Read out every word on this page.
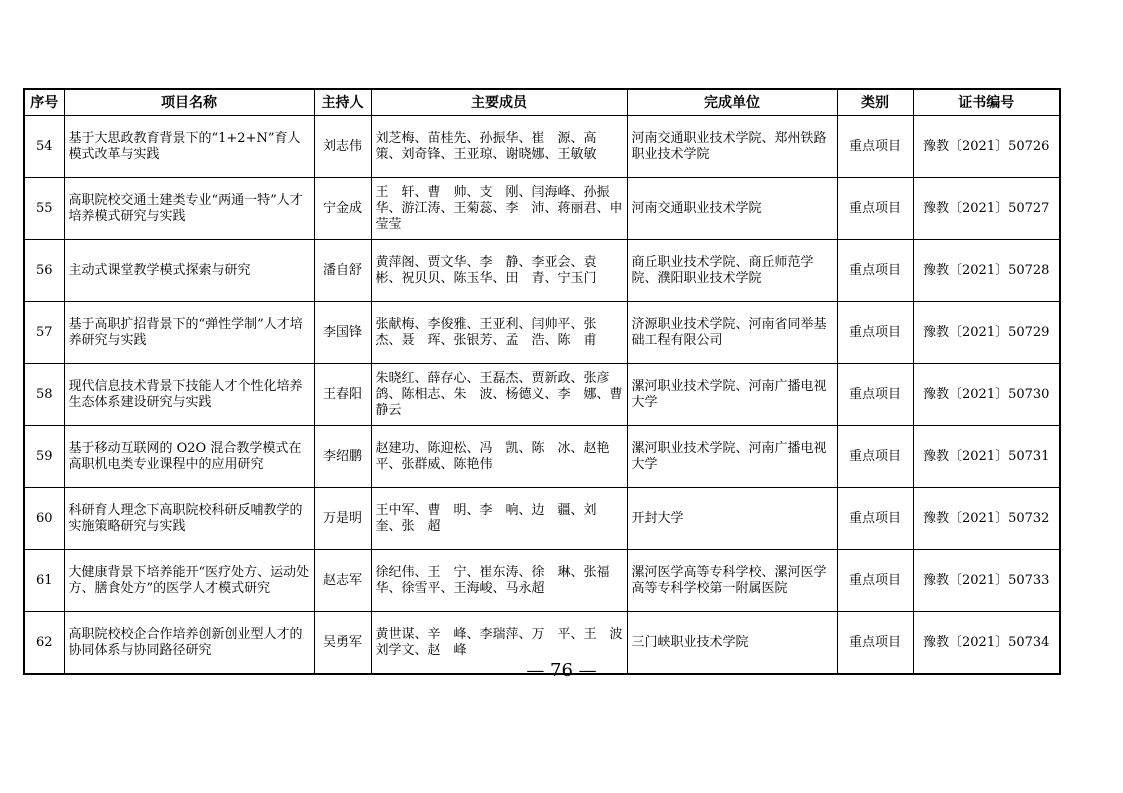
序号	项目名称	主持人	主要成员	完成单位	类别	证书编号
54	基于大思政教育背景下的“1+2+N”育人模式改革与实践	刘志伟	刘芝梅、苗桂先、孙振华、崔　源、高　策、刘奇锋、王亚琼、谢晓娜、王敏敏	河南交通职业技术学院、郑州铁路职业技术学院	重点项目	豫教〔2021〕50726
55	高职院校交通土建类专业“两通一特”人才培养模式研究与实践	宁金成	王　轩、曹　帅、支　刚、闫海峰、孙振华、游江涛、王菊蕊、李　沛、蒋丽君、申莹莹	河南交通职业技术学院	重点项目	豫教〔2021〕50727
56	主动式课堂教学模式探索与研究	潘自舒	黄萍阁、贾文华、李　静、李亚会、袁　彬、祝贝贝、陈玉华、田　青、宁玉门	商丘职业技术学院、商丘师范学院、濮阳职业技术学院	重点项目	豫教〔2021〕50728
57	基于高职扩招背景下的“弹性学制”人才培养研究与实践	李国锋	张献梅、李俊雅、王亚利、闫帅平、张　杰、聂　珲、张银芳、孟　浩、陈　甫	济源职业技术学院、河南省同举基础工程有限公司	重点项目	豫教〔2021〕50729
58	现代信息技术背景下技能人才个性化培养生态体系建设研究与实践	王春阳	朱晓红、薛存心、王磊杰、贾新政、张彦鸽、陈相志、朱　波、杨德义、李　娜、曹静云	漯河职业技术学院、河南广播电视大学	重点项目	豫教〔2021〕50730
59	基于移动互联网的 O2O 混合教学模式在高职机电类专业课程中的应用研究	李绍鹏	赵建功、陈迎松、冯　凯、陈　冰、赵艳平、张群威、陈艳伟	漯河职业技术学院、河南广播电视大学	重点项目	豫教〔2021〕50731
60	科研育人理念下高职院校科研反哺教学的实施策略研究与实践	万是明	王中军、曹　明、李　响、边　疆、刘　奎、张　超	开封大学	重点项目	豫教〔2021〕50732
61	大健康背景下培养能开“医疗处方、运动处方、膳食处方”的医学人才模式研究	赵志军	徐纪伟、王　宁、崔东涛、徐　琳、张福华、徐雪平、王海峻、马永超	漯河医学高等专科学校、漯河医学高等专科学校第一附属医院	重点项目	豫教〔2021〕50733
62	高职院校校企合作培养创新创业型人才的协同体系与协同路径研究	吴勇军	黄世谋、辛　峰、李瑞萍、万　平、王　波　刘学文、赵　峰	三门峡职业技术学院	重点项目	豫教〔2021〕50734
— 76 —
